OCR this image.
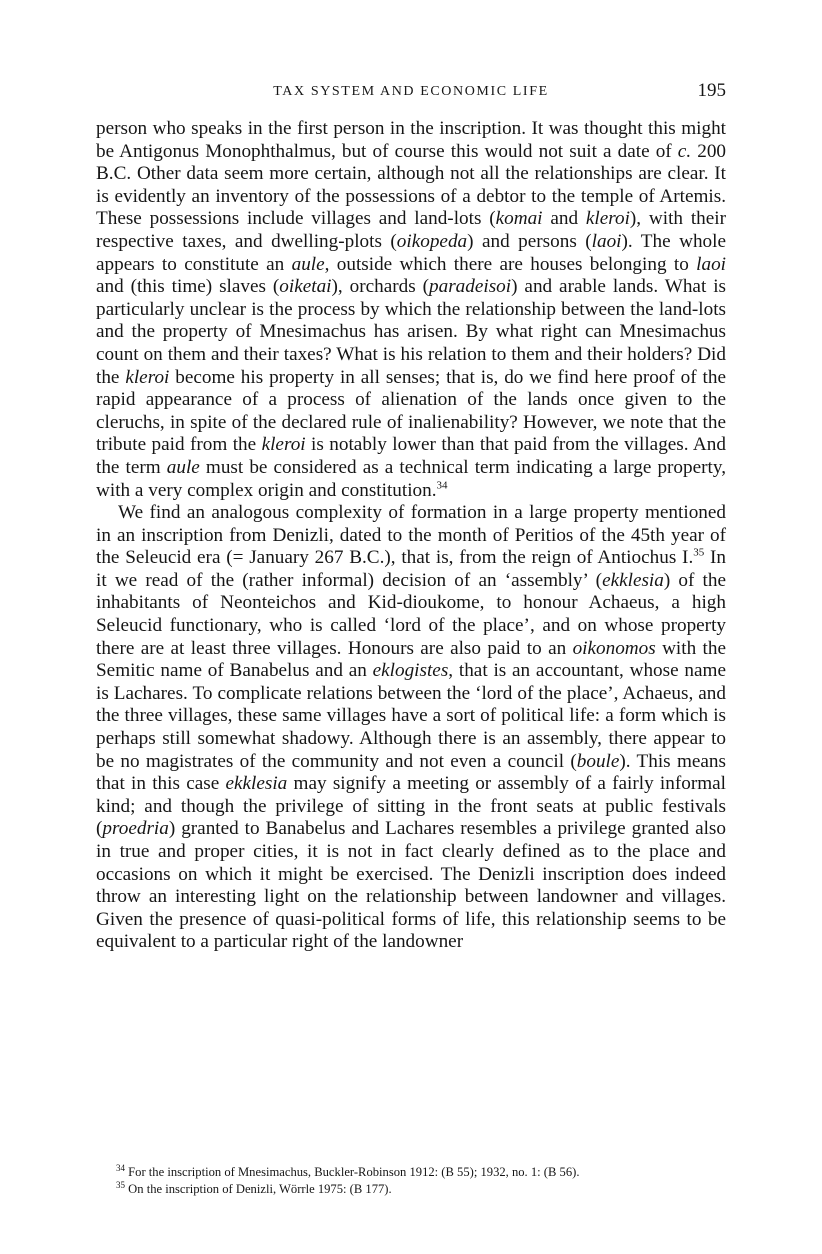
TAX SYSTEM AND ECONOMIC LIFE	195

person who speaks in the first person in the inscription. It was thought this might be Antigonus Monophthalmus, but of course this would not suit a date of c. 200 B.C. Other data seem more certain, although not all the relationships are clear. It is evidently an inventory of the possessions of a debtor to the temple of Artemis. These possessions include villages and land-lots (komai and kleroi), with their respective taxes, and dwelling-plots (oikopeda) and persons (laoi). The whole appears to constitute an aule, outside which there are houses belonging to laoi and (this time) slaves (oiketai), orchards (paradeisoi) and arable lands. What is particularly unclear is the process by which the relationship between the land-lots and the property of Mnesimachus has arisen. By what right can Mnesimachus count on them and their taxes? What is his relation to them and their holders? Did the kleroi become his property in all senses; that is, do we find here proof of the rapid appearance of a process of alienation of the lands once given to the cleruchs, in spite of the declared rule of inalienability? However, we note that the tribute paid from the kleroi is notably lower than that paid from the villages. And the term aule must be considered as a technical term indicating a large property, with a very complex origin and constitution.$^{34}$

We find an analogous complexity of formation in a large property mentioned in an inscription from Denizli, dated to the month of Peritios of the 45th year of the Seleucid era (= January 267 B.C.), that is, from the reign of Antiochus I.$^{35}$ In it we read of the (rather informal) decision of an ‘assembly’ (ekklesia) of the inhabitants of Neonteichos and Kid-dioukome, to honour Achaeus, a high Seleucid functionary, who is called ‘lord of the place’, and on whose property there are at least three villages. Honours are also paid to an oikonomos with the Semitic name of Banabelus and an eklogistes, that is an accountant, whose name is Lachares. To complicate relations between the ‘lord of the place’, Achaeus, and the three villages, these same villages have a sort of political life: a form which is perhaps still somewhat shadowy. Although there is an assembly, there appear to be no magistrates of the community and not even a council (boule). This means that in this case ekklesia may signify a meeting or assembly of a fairly informal kind; and though the privilege of sitting in the front seats at public festivals (proedria) granted to Banabelus and Lachares resembles a privilege granted also in true and proper cities, it is not in fact clearly defined as to the place and occasions on which it might be exercised. The Denizli inscription does indeed throw an interesting light on the relationship between landowner and villages. Given the presence of quasi-political forms of life, this relationship seems to be equivalent to a particular right of the landowner

$^{34}$ For the inscription of Mnesimachus, Buckler-Robinson 1912: (B 55); 1932, no. 1: (B 56).

$^{35}$ On the inscription of Denizli, Wörrle 1975: (B 177).
